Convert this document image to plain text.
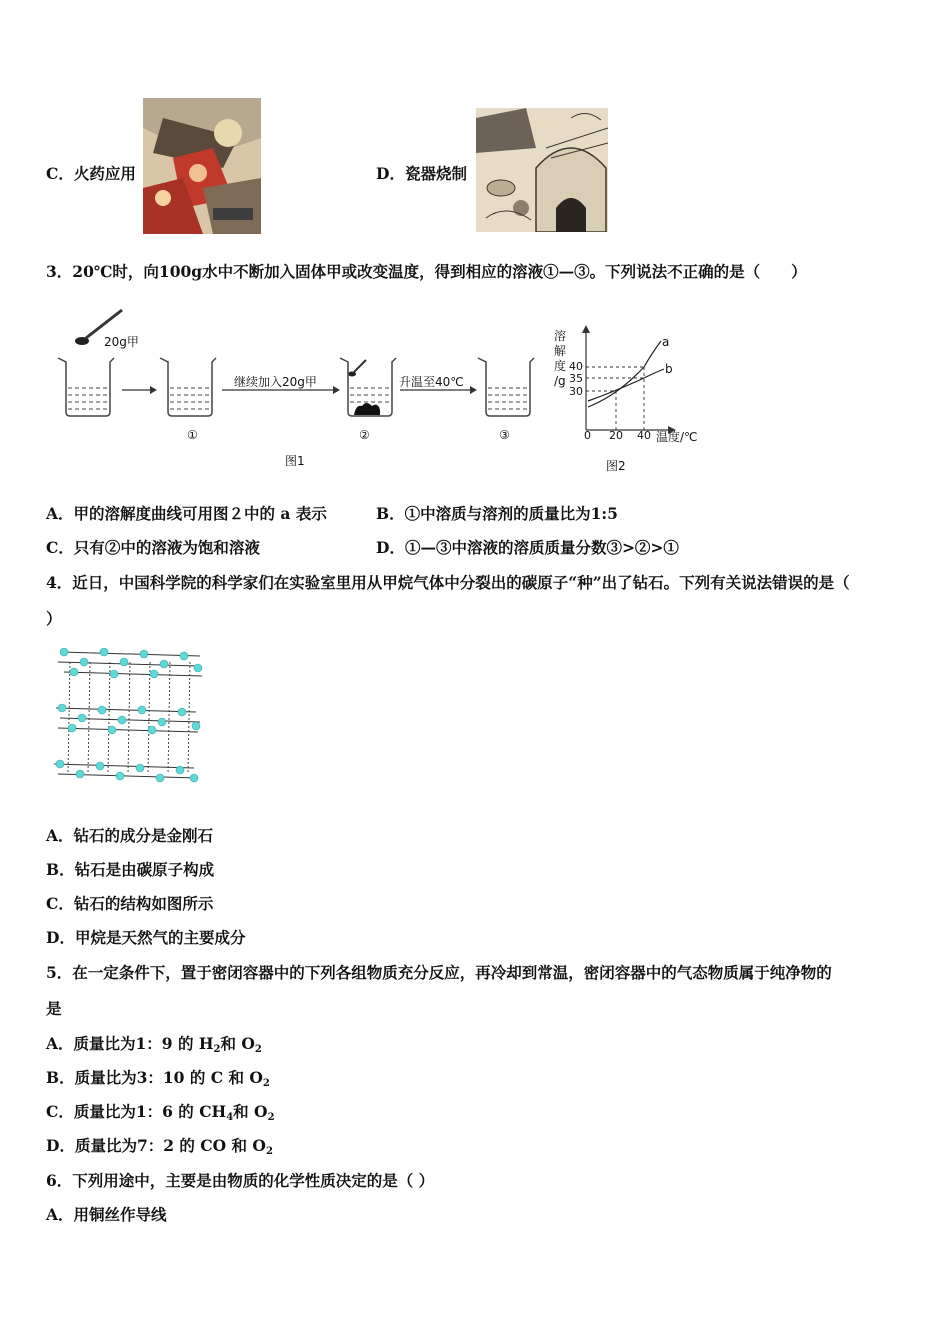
C．火药应用	D．瓷器烧制
3．20℃时，向100g水中不断加入固体甲或改变温度，得到相应的溶液①—③。下列说法不正确的是（　　）
20g甲
继续加入20g甲	升温至40℃
①	②	③
图1
溶
解
度
/g
40
35
30
0 20 40 温度/℃
a
b
图2
A．甲的溶解度曲线可用图２中的 a 表示	B．①中溶质与溶剂的质量比为1:5
C．只有②中的溶液为饱和溶液	D．①—③中溶液的溶质质量分数③>②>①
4．近日，中国科学院的科学家们在实验室里用从甲烷气体中分裂出的碳原子“种”出了钻石。下列有关说法错误的是（
）
A．钻石的成分是金刚石
B．钻石是由碳原子构成
C．钻石的结构如图所示
D．甲烷是天然气的主要成分
5．在一定条件下，置于密闭容器中的下列各组物质充分反应，再冷却到常温，密闭容器中的气态物质属于纯净物的
是
A．质量比为1：9 的 $H_2$和 $O_2$
B．质量比为3：10 的 C 和 $O_2$
C．质量比为1：6 的 $CH_4$和 $O_2$
D．质量比为7：2 的 CO 和 $O_2$
6．下列用途中，主要是由物质的化学性质决定的是（ ）
A．用铜丝作导线
